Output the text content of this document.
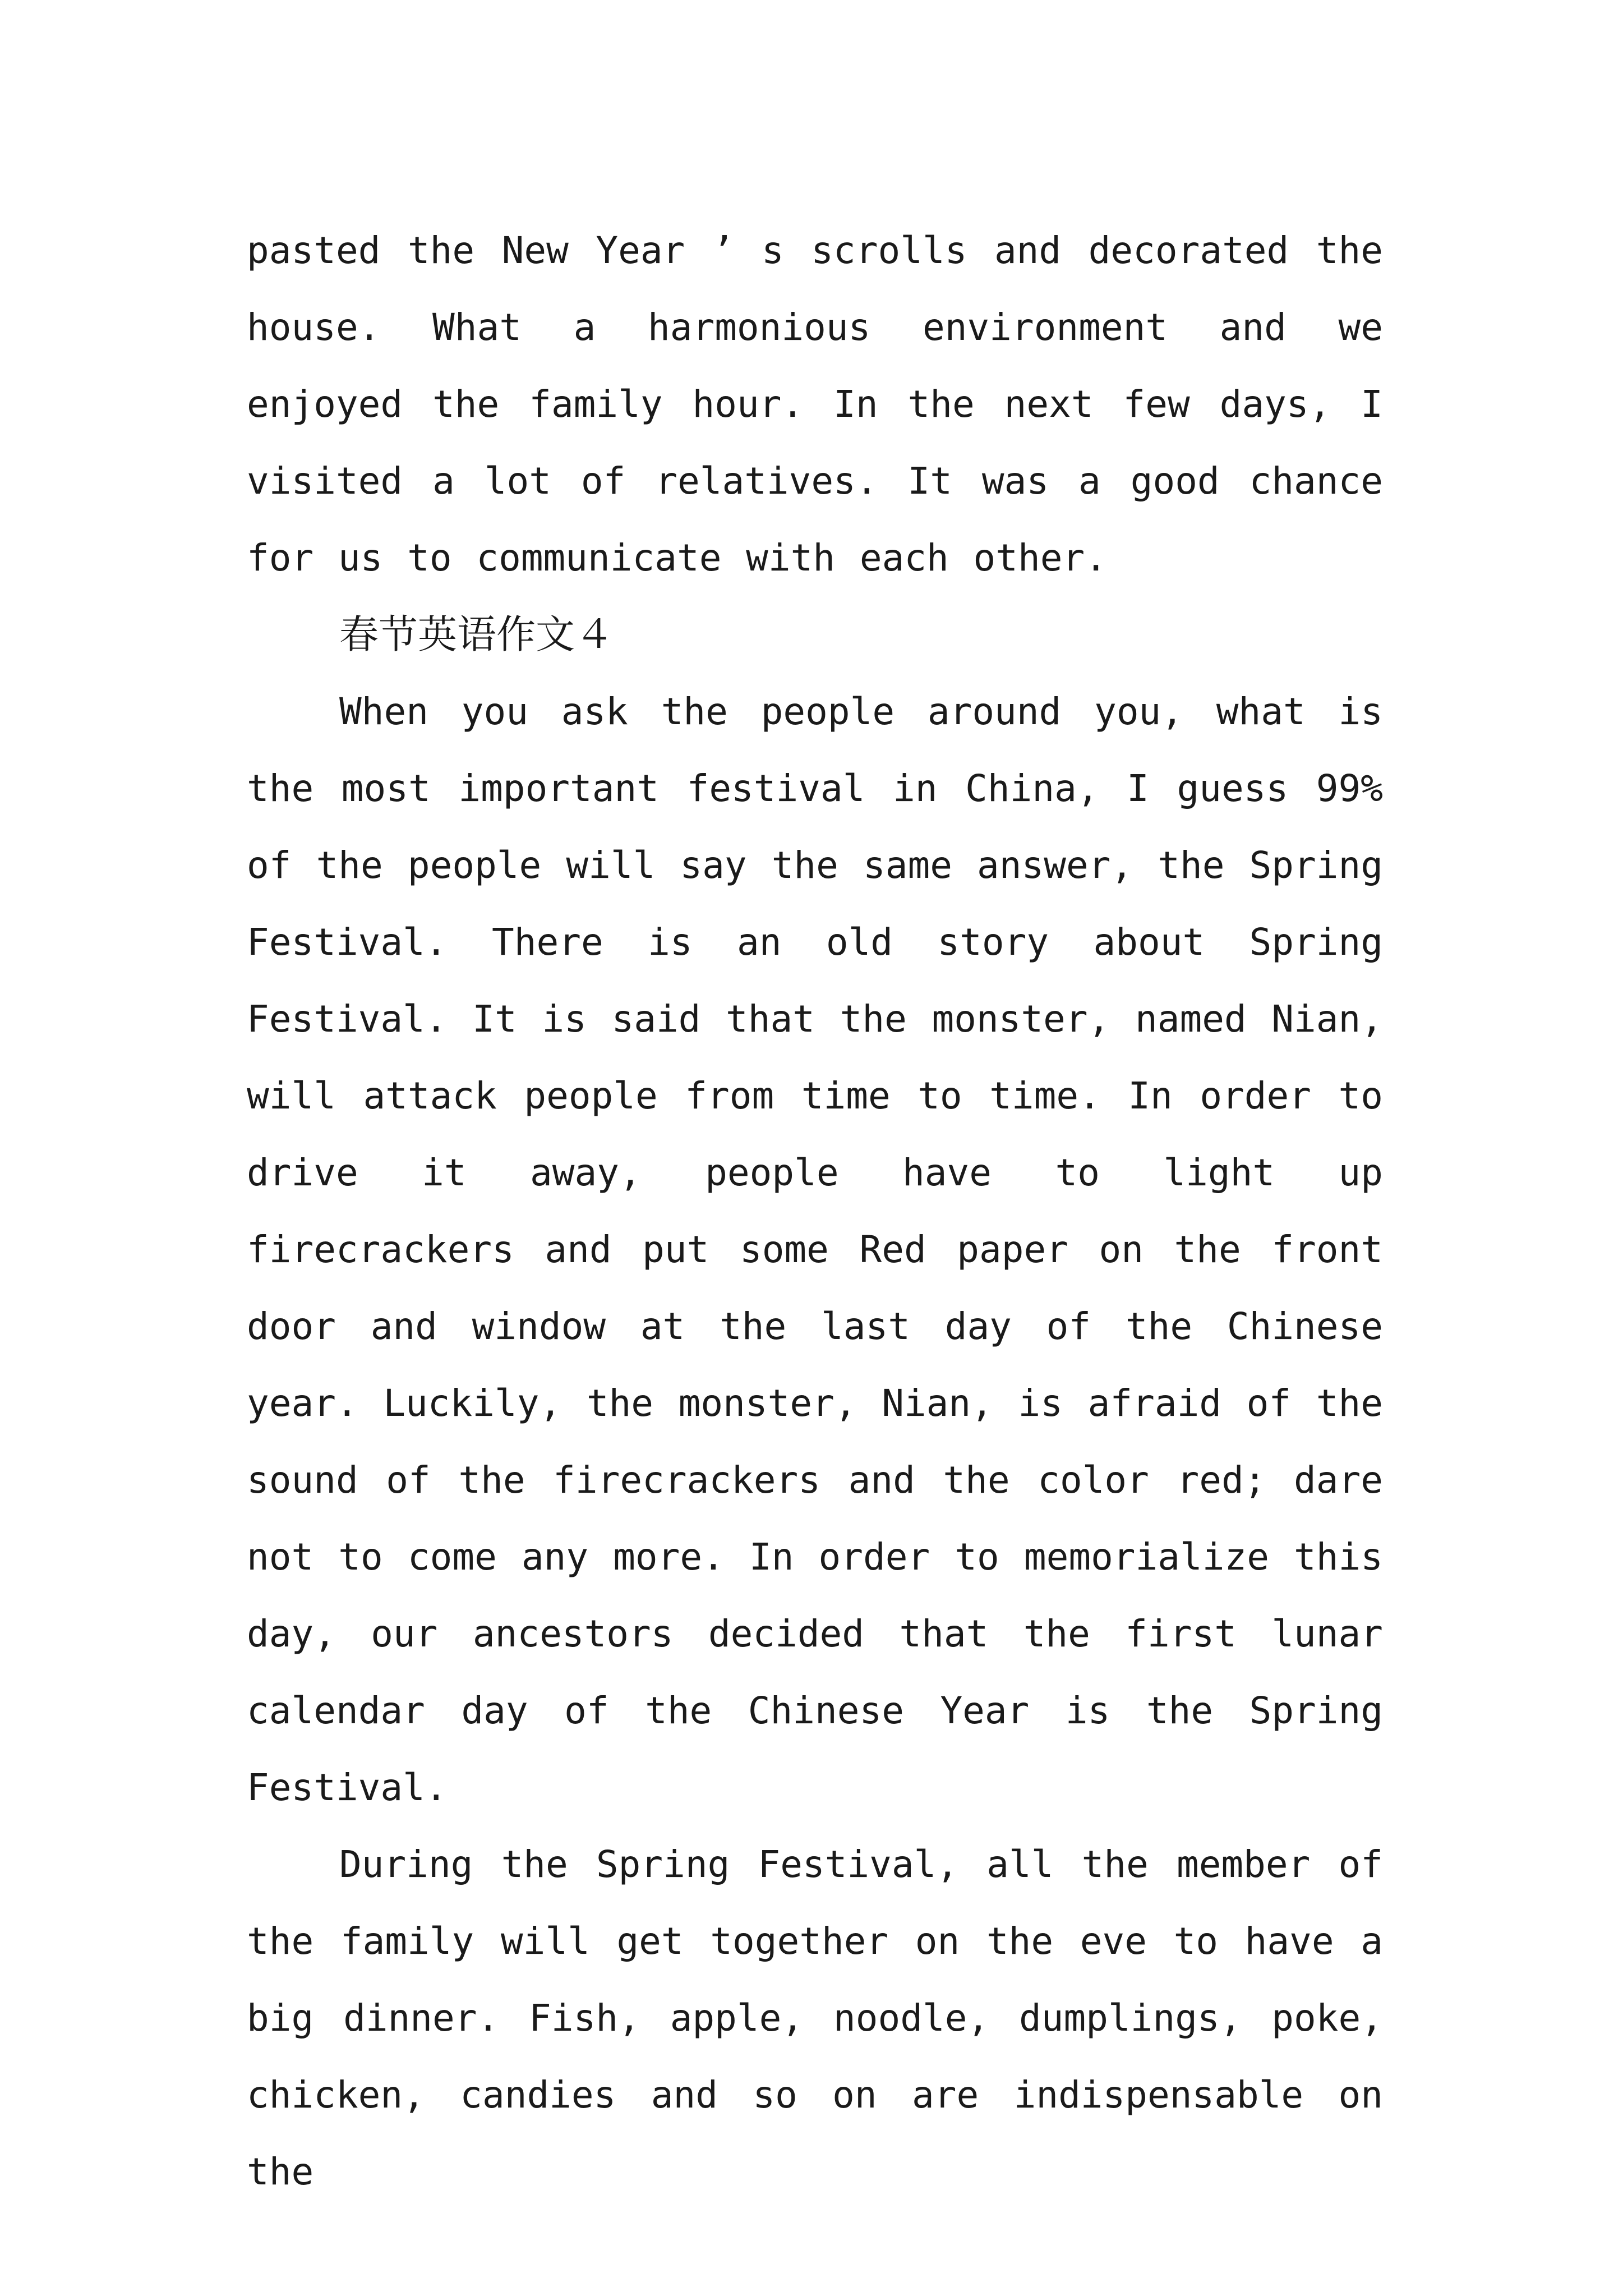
pasted the New Year ’ s scrolls and decorated the house. What a harmonious environment and we enjoyed the family hour. In the next few days, I visited a lot of relatives. It was a good chance for us to communicate with each other.

春节英语作文４

When you ask the people around you, what is the most important festival in China, I guess 99% of the people will say the same answer, the Spring Festival. There is an old story about Spring Festival. It is said that the monster, named Nian, will attack people from time to time. In order to drive it away, people have to light up firecrackers and put some Red paper on the front door and window at the last day of the Chinese year. Luckily, the monster, Nian, is afraid of the sound of the firecrackers and the color red; dare not to come any more. In order to memorialize this day, our ancestors decided that the first lunar calendar day of the Chinese Year is the Spring Festival.

During the Spring Festival, all the member of the family will get together on the eve to have a big dinner. Fish, apple, noodle, dumplings, poke, chicken, candies and so on are indispensable on the
